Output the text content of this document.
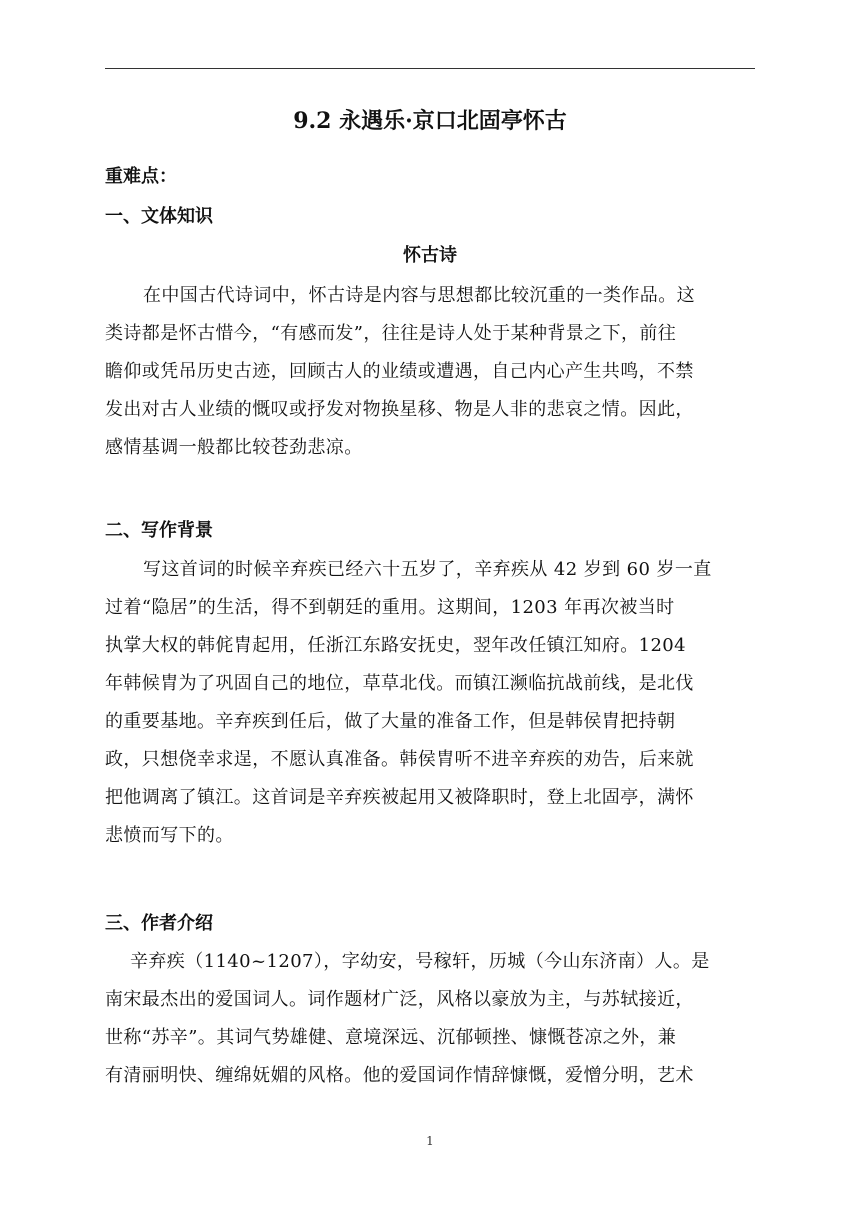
9.2 永遇乐·京口北固亭怀古
重难点：
一、文体知识
怀古诗
在中国古代诗词中，怀古诗是内容与思想都比较沉重的一类作品。这
类诗都是怀古惜今，“有感而发”，往往是诗人处于某种背景之下，前往
瞻仰或凭吊历史古迹，回顾古人的业绩或遭遇，自己内心产生共鸣，不禁
发出对古人业绩的慨叹或抒发对物换星移、物是人非的悲哀之情。因此，
感情基调一般都比较苍劲悲凉。
二、写作背景
写这首词的时候辛弃疾已经六十五岁了，辛弃疾从 42 岁到 60 岁一直
过着“隐居”的生活，得不到朝廷的重用。这期间，1203 年再次被当时
执掌大权的韩侂胄起用，任浙江东路安抚史，翌年改任镇江知府。1204
年韩候胄为了巩固自己的地位，草草北伐。而镇江濒临抗战前线，是北伐
的重要基地。辛弃疾到任后，做了大量的准备工作，但是韩侯胄把持朝
政，只想侥幸求逞，不愿认真准备。韩侯胄听不进辛弃疾的劝告，后来就
把他调离了镇江。这首词是辛弃疾被起用又被降职时，登上北固亭，满怀
悲愤而写下的。
三、作者介绍
辛弃疾（1140~1207），字幼安，号稼轩，历城（今山东济南）人。是
南宋最杰出的爱国词人。词作题材广泛，风格以豪放为主，与苏轼接近，
世称“苏辛”。其词气势雄健、意境深远、沉郁顿挫、慷慨苍凉之外，兼
有清丽明快、缠绵妩媚的风格。他的爱国词作情辞慷慨，爱憎分明，艺术
1
